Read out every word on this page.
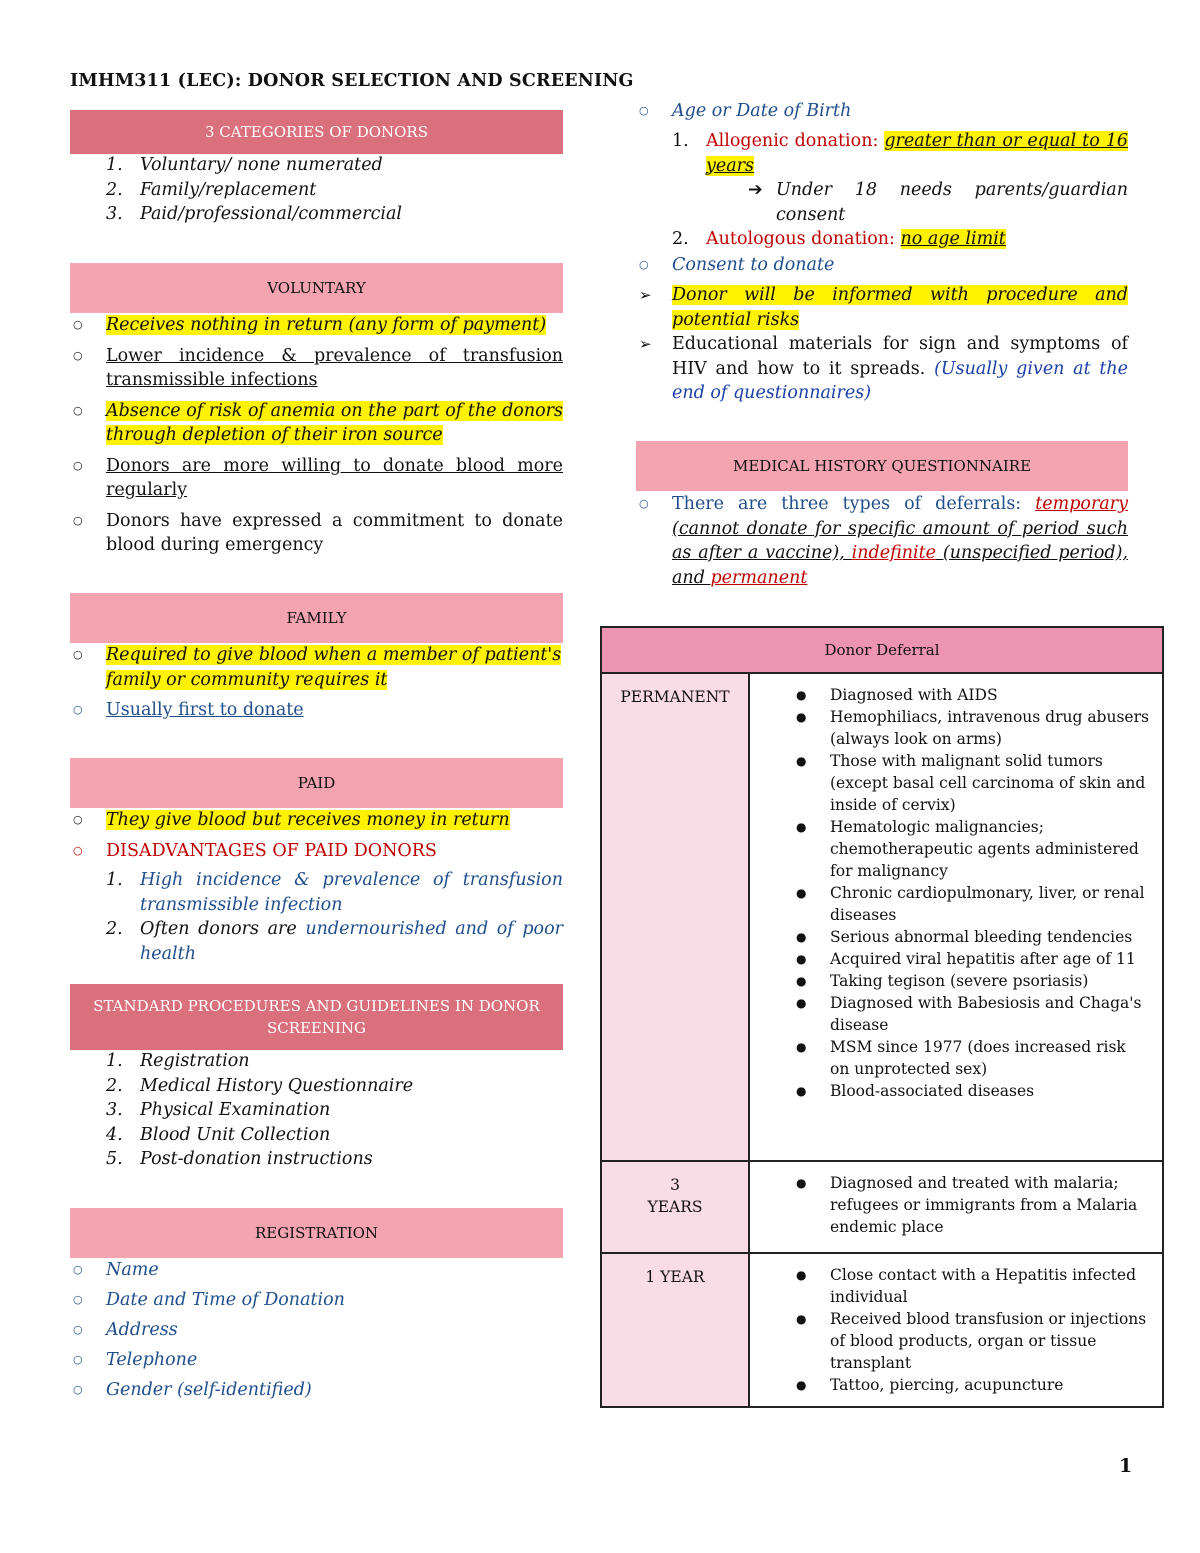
IMHM311 (LEC): DONOR SELECTION AND SCREENING
3 CATEGORIES OF DONORS
1. Voluntary/ none numerated
2. Family/replacement
3. Paid/professional/commercial
VOLUNTARY
○ Receives nothing in return (any form of payment)
○ Lower incidence & prevalence of transfusion transmissible infections
○ Absence of risk of anemia on the part of the donors through depletion of their iron source
○ Donors are more willing to donate blood more regularly
○ Donors have expressed a commitment to donate blood during emergency
FAMILY
○ Required to give blood when a member of patient's family or community requires it
○ Usually first to donate
PAID
○ They give blood but receives money in return
○ DISADVANTAGES OF PAID DONORS
1. High incidence & prevalence of transfusion transmissible infection
2. Often donors are undernourished and of poor health
STANDARD PROCEDURES AND GUIDELINES IN DONOR SCREENING
1. Registration
2. Medical History Questionnaire
3. Physical Examination
4. Blood Unit Collection
5. Post-donation instructions
REGISTRATION
○ Name
○ Date and Time of Donation
○ Address
○ Telephone
○ Gender (self-identified)
○ Age or Date of Birth
1. Allogenic donation: greater than or equal to 16 years
➔ Under 18 needs parents/guardian consent
2. Autologous donation: no age limit
○ Consent to donate
➢ Donor will be informed with procedure and potential risks
➢ Educational materials for sign and symptoms of HIV and how to it spreads. (Usually given at the end of questionnaires)
MEDICAL HISTORY QUESTIONNAIRE
○ There are three types of deferrals: temporary (cannot donate for specific amount of period such as after a vaccine), indefinite (unspecified period), and permanent
Donor Deferral
PERMANENT	● Diagnosed with AIDS
● Hemophiliacs, intravenous drug abusers (always look on arms)
● Those with malignant solid tumors (except basal cell carcinoma of skin and inside of cervix)
● Hematologic malignancies; chemotherapeutic agents administered for malignancy
● Chronic cardiopulmonary, liver, or renal diseases
● Serious abnormal bleeding tendencies
● Acquired viral hepatitis after age of 11
● Taking tegison (severe psoriasis)
● Diagnosed with Babesiosis and Chaga's disease
● MSM since 1977 (does increased risk on unprotected sex)
● Blood-associated diseases
3
YEARS
● Diagnosed and treated with malaria; refugees or immigrants from a Malaria endemic place
1 YEAR	● Close contact with a Hepatitis infected individual
● Received blood transfusion or injections of blood products, organ or tissue transplant
● Tattoo, piercing, acupuncture
1
